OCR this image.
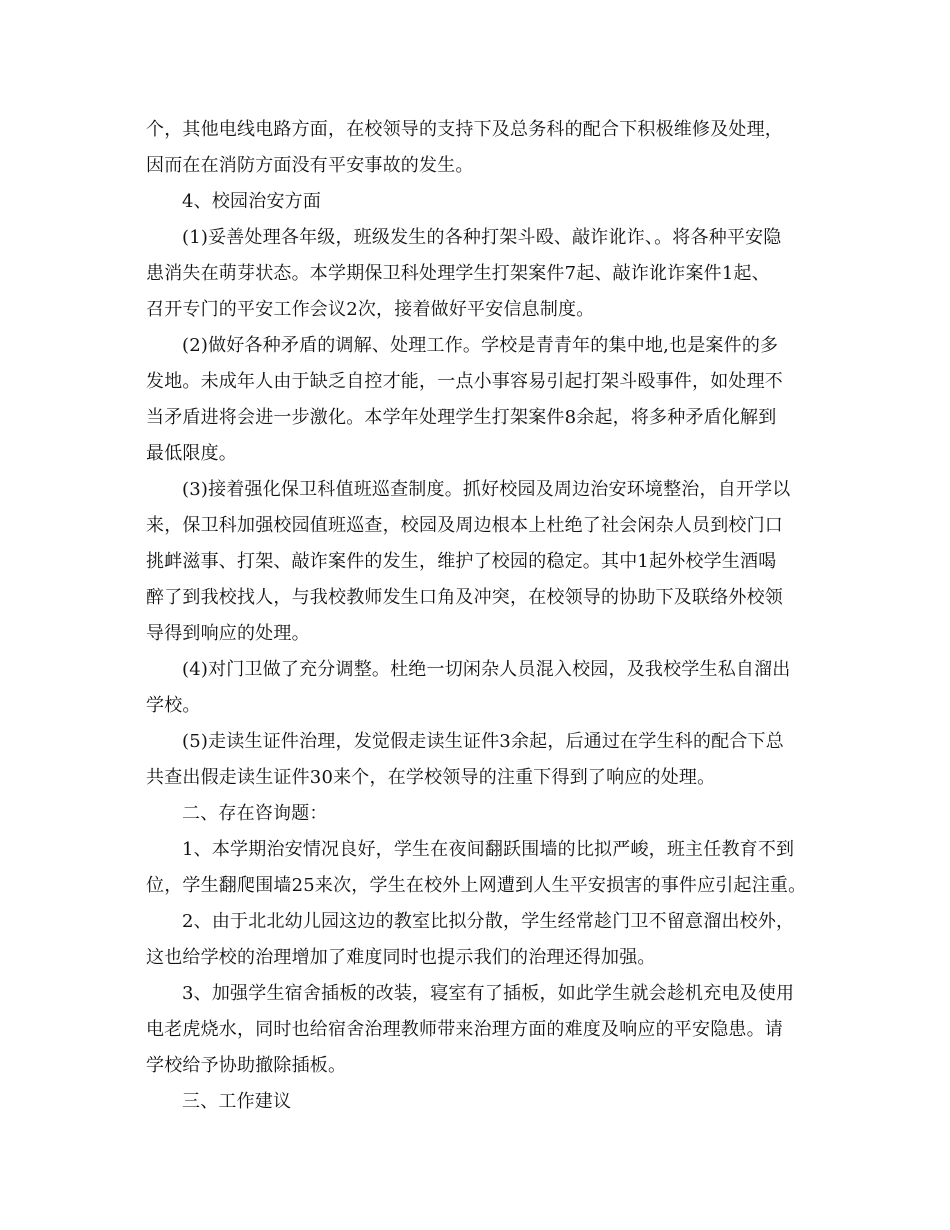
个，其他电线电路方面，在校领导的支持下及总务科的配合下积极维修及处理，
因而在在消防方面没有平安事故的发生。
4、校园治安方面
(1)妥善处理各年级，班级发生的各种打架斗殴、敲诈讹诈、。将各种平安隐
患消失在萌芽状态。本学期保卫科处理学生打架案件7起、敲诈讹诈案件1起、
召开专门的平安工作会议2次，接着做好平安信息制度。
(2)做好各种矛盾的调解、处理工作。学校是青青年的集中地,也是案件的多
发地。未成年人由于缺乏自控才能，一点小事容易引起打架斗殴事件，如处理不
当矛盾进将会进一步激化。本学年处理学生打架案件8余起，将多种矛盾化解到
最低限度。
(3)接着强化保卫科值班巡查制度。抓好校园及周边治安环境整治，自开学以
来，保卫科加强校园值班巡查，校园及周边根本上杜绝了社会闲杂人员到校门口
挑衅滋事、打架、敲诈案件的发生，维护了校园的稳定。其中1起外校学生酒喝
醉了到我校找人，与我校教师发生口角及冲突，在校领导的协助下及联络外校领
导得到响应的处理。
(4)对门卫做了充分调整。杜绝一切闲杂人员混入校园，及我校学生私自溜出
学校。
(5)走读生证件治理，发觉假走读生证件3余起，后通过在学生科的配合下总
共查出假走读生证件30来个，在学校领导的注重下得到了响应的处理。
二、存在咨询题：
1、本学期治安情况良好，学生在夜间翻跃围墙的比拟严峻，班主任教育不到
位，学生翻爬围墙25来次，学生在校外上网遭到人生平安损害的事件应引起注重。
2、由于北北幼儿园这边的教室比拟分散，学生经常趁门卫不留意溜出校外，
这也给学校的治理增加了难度同时也提示我们的治理还得加强。
3、加强学生宿舍插板的改装，寝室有了插板，如此学生就会趁机充电及使用
电老虎烧水，同时也给宿舍治理教师带来治理方面的难度及响应的平安隐患。请
学校给予协助撤除插板。
三、工作建议
